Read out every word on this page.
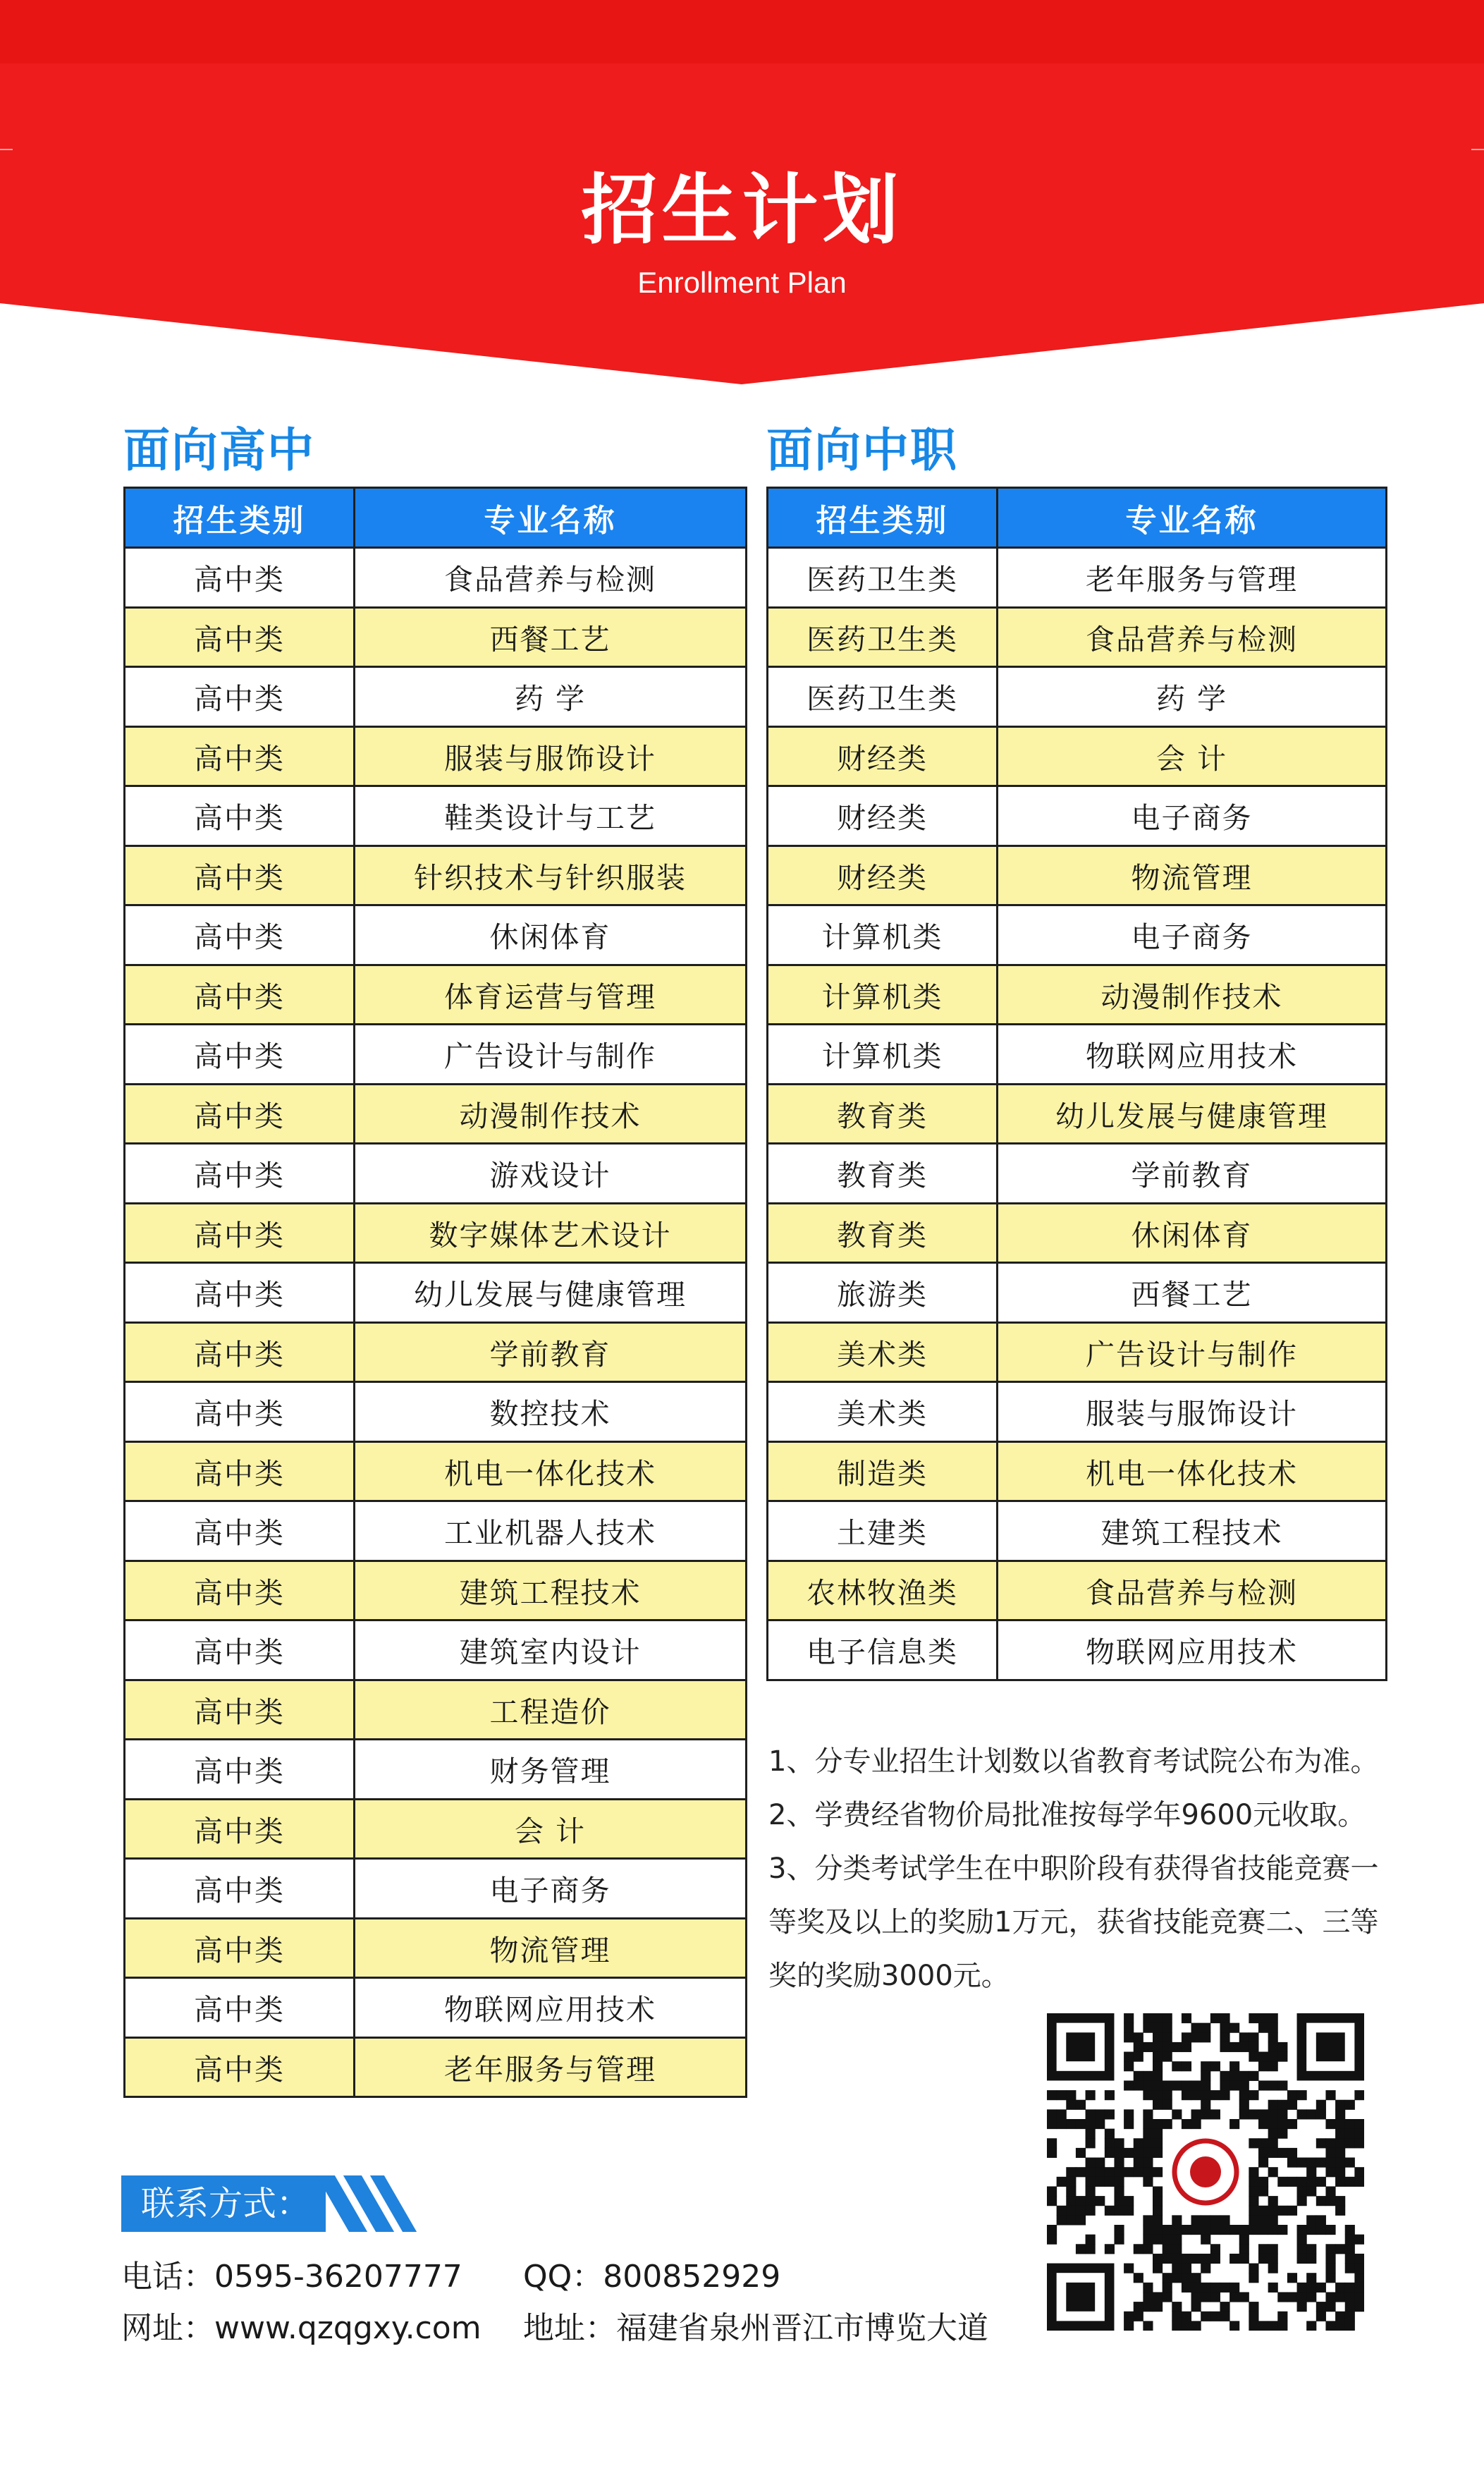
招生计划
Enrollment Plan
面向高中
招生类别	专业名称
高中类	食品营养与检测
高中类	西餐工艺
高中类	药 学
高中类	服装与服饰设计
高中类	鞋类设计与工艺
高中类	针织技术与针织服装
高中类	休闲体育
高中类	体育运营与管理
高中类	广告设计与制作
高中类	动漫制作技术
高中类	游戏设计
高中类	数字媒体艺术设计
高中类	幼儿发展与健康管理
高中类	学前教育
高中类	数控技术
高中类	机电一体化技术
高中类	工业机器人技术
高中类	建筑工程技术
高中类	建筑室内设计
高中类	工程造价
高中类	财务管理
高中类	会 计
高中类	电子商务
高中类	物流管理
高中类	物联网应用技术
高中类	老年服务与管理
面向中职
招生类别	专业名称
医药卫生类	老年服务与管理
医药卫生类	食品营养与检测
医药卫生类	药 学
财经类	会 计
财经类	电子商务
财经类	物流管理
计算机类	电子商务
计算机类	动漫制作技术
计算机类	物联网应用技术
教育类	幼儿发展与健康管理
教育类	学前教育
教育类	休闲体育
旅游类	西餐工艺
美术类	广告设计与制作
美术类	服装与服饰设计
制造类	机电一体化技术
土建类	建筑工程技术
农林牧渔类	食品营养与检测
电子信息类	物联网应用技术

1、分专业招生计划数以省教育考试院公布为准。

2、学费经省物价局批准按每学年9600元收取。

3、分类考试学生在中职阶段有获得省技能竞赛一等奖及以上的奖励1万元，获省技能竞赛二、三等奖的奖励3000元。

联系方式：
电话：0595-36207777 QQ：800852929
网址：www.qzqgxy.com 地址：福建省泉州晋江市博览大道
